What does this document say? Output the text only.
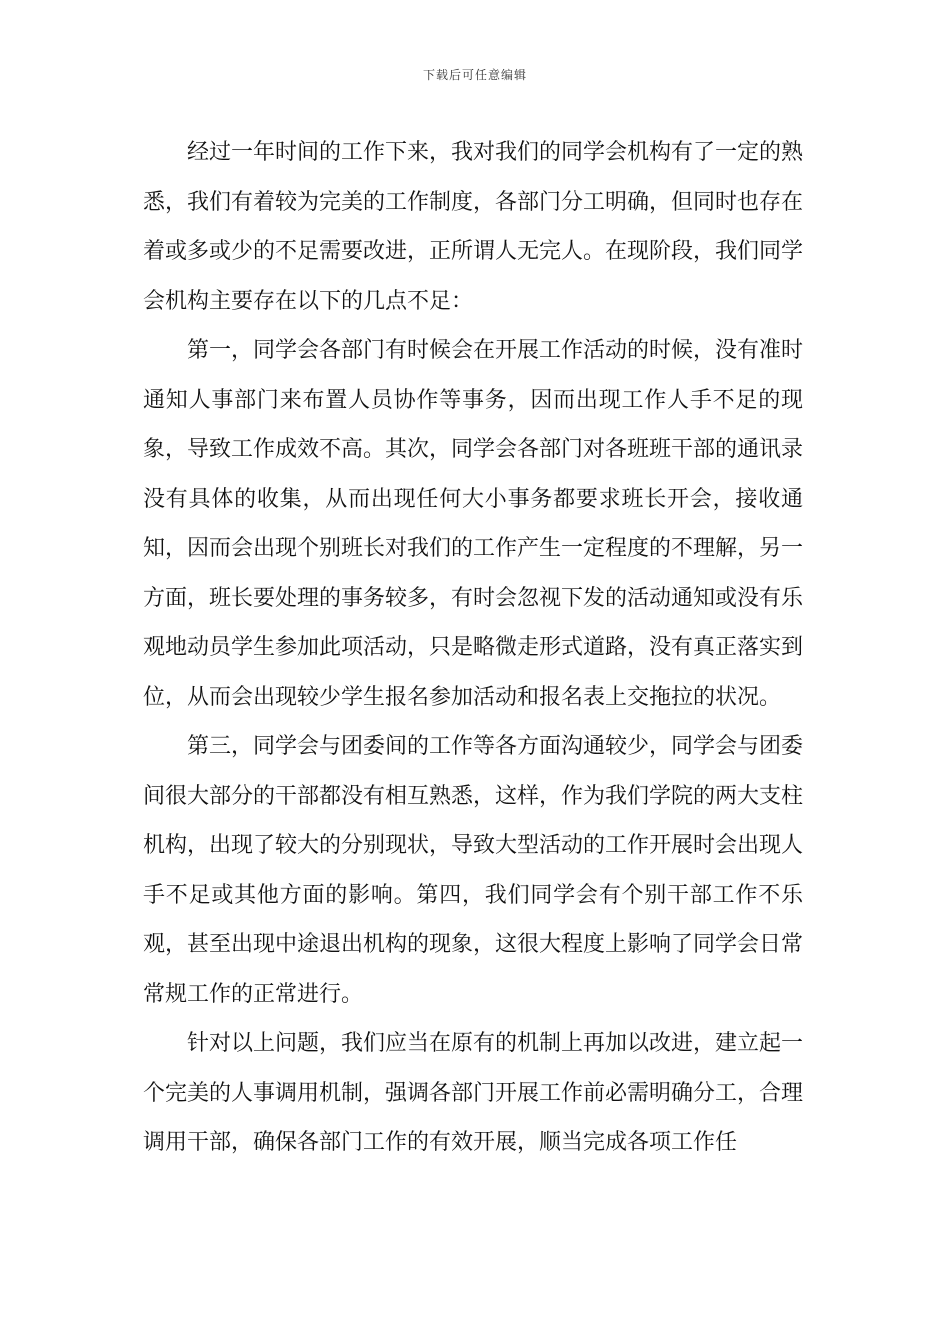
下载后可任意编辑

经过一年时间的工作下来，我对我们的同学会机构有了一定的熟悉，我们有着较为完美的工作制度，各部门分工明确，但同时也存在着或多或少的不足需要改进，正所谓人无完人。在现阶段，我们同学会机构主要存在以下的几点不足：

第一，同学会各部门有时候会在开展工作活动的时候，没有准时通知人事部门来布置人员协作等事务，因而出现工作人手不足的现象，导致工作成效不高。其次，同学会各部门对各班班干部的通讯录没有具体的收集，从而出现任何大小事务都要求班长开会，接收通知，因而会出现个别班长对我们的工作产生一定程度的不理解，另一方面，班长要处理的事务较多，有时会忽视下发的活动通知或没有乐观地动员学生参加此项活动，只是略微走形式道路，没有真正落实到位，从而会出现较少学生报名参加活动和报名表上交拖拉的状况。

第三，同学会与团委间的工作等各方面沟通较少，同学会与团委间很大部分的干部都没有相互熟悉，这样，作为我们学院的两大支柱机构，出现了较大的分别现状，导致大型活动的工作开展时会出现人手不足或其他方面的影响。第四，我们同学会有个别干部工作不乐观，甚至出现中途退出机构的现象，这很大程度上影响了同学会日常常规工作的正常进行。

针对以上问题，我们应当在原有的机制上再加以改进，建立起一个完美的人事调用机制，强调各部门开展工作前必需明确分工，合理调用干部，确保各部门工作的有效开展，顺当完成各项工作任
